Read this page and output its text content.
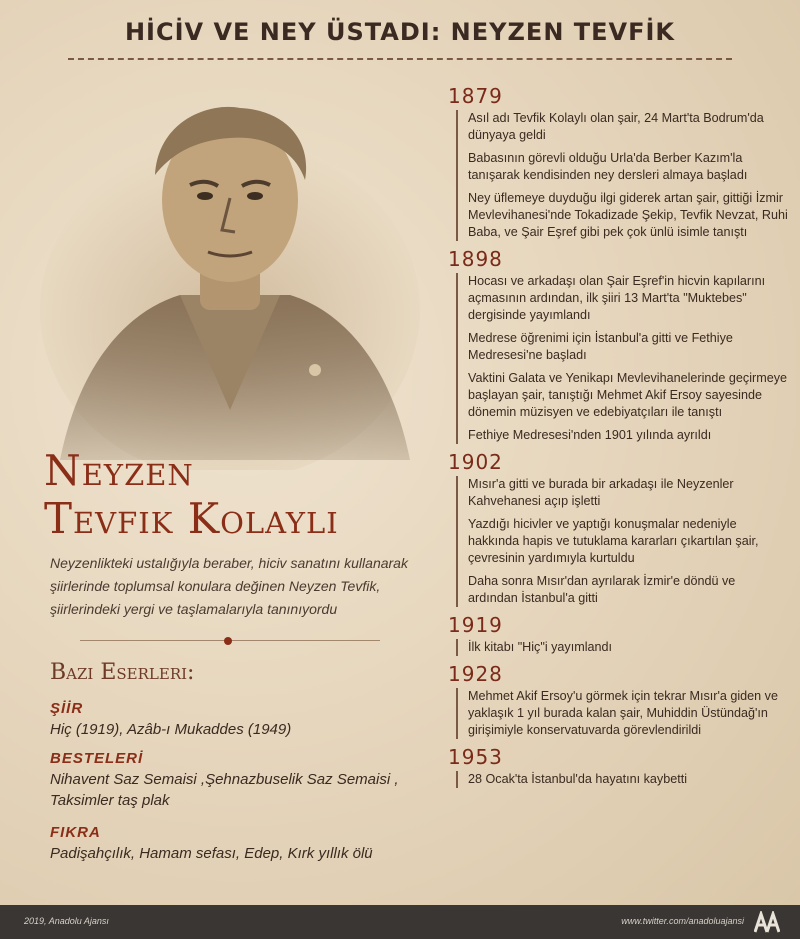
HİCİV VE NEY ÜSTADI: NEYZEN TEVFİK
Neyzen
Tevfik Kolaylı
Neyzenlikteki ustalığıyla beraber, hiciv sanatını kullanarak şiirlerinde toplumsal konulara değinen Neyzen Tevfik, şiirlerindeki yergi ve taşlamalarıyla tanınıyordu
Bazı Eserleri:
ŞİİR
Hiç (1919), Azâb-ı Mukaddes (1949)
BESTELERİ
Nihavent Saz Semaisi ,Şehnazbuselik Saz Semaisi , Taksimler taş plak
FIKRA
Padişahçılık, Hamam sefası, Edep, Kırk yıllık ölü
1879
Asıl adı Tevfik Kolaylı olan şair, 24 Mart'ta Bodrum'da dünyaya geldi
Babasının görevli olduğu Urla'da Berber Kazım'la tanışarak kendisinden ney dersleri almaya başladı
Ney üflemeye duyduğu ilgi giderek artan şair, gittiği İzmir Mevlevihanesi'nde Tokadizade Şekip, Tevfik Nevzat, Ruhi Baba, ve Şair Eşref gibi pek çok ünlü isimle tanıştı
1898
Hocası ve arkadaşı olan Şair Eşref'in hicvin kapılarını açmasının ardından, ilk şiiri 13 Mart'ta "Muktebes" dergisinde yayımlandı
Medrese öğrenimi için İstanbul'a gitti ve Fethiye Medresesi'ne başladı
Vaktini Galata ve Yenikapı Mevlevihanelerinde geçirmeye başlayan şair, tanıştığı Mehmet Akif Ersoy sayesinde dönemin müzisyen ve edebiyatçıları ile tanıştı
Fethiye Medresesi'nden 1901 yılında ayrıldı
1902
Mısır'a gitti ve burada bir arkadaşı ile Neyzenler Kahvehanesi açıp işletti
Yazdığı hicivler ve yaptığı konuşmalar nedeniyle hakkında hapis ve tutuklama kararları çıkartılan şair, çevresinin yardımıyla kurtuldu
Daha sonra Mısır'dan ayrılarak İzmir'e döndü ve ardından İstanbul'a gitti
1919
İlk kitabı "Hiç"i yayımlandı
1928
Mehmet Akif Ersoy'u görmek için tekrar Mısır'a giden ve yaklaşık 1 yıl burada kalan şair, Muhiddin Üstündağ'ın girişimiyle konservatuvarda görevlendirildi
1953
28 Ocak'ta İstanbul'da hayatını kaybetti
2019, Anadolu Ajansı	www.twitter.com/anadoluajansi
